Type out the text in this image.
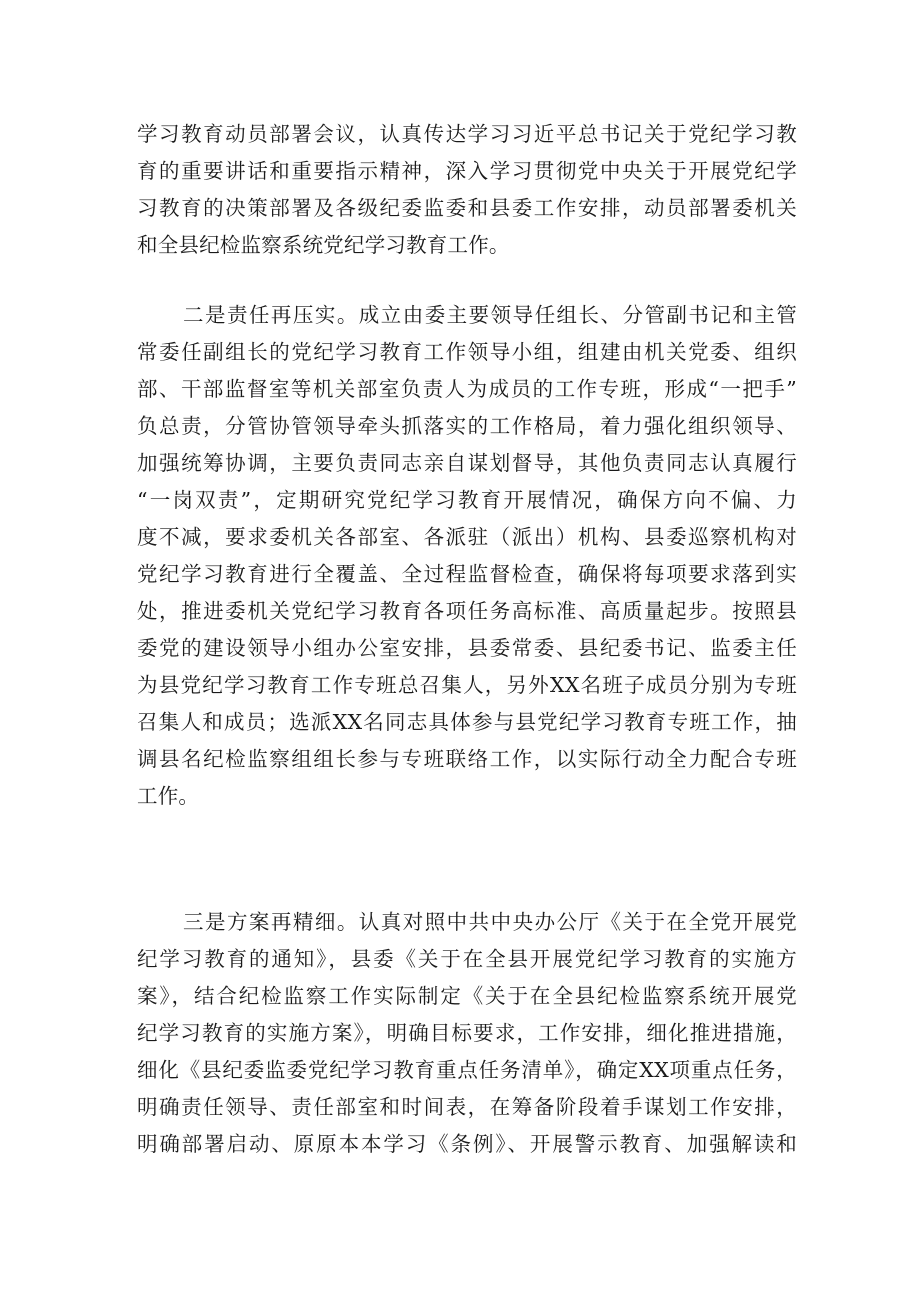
学习教育动员部署会议，认真传达学习习近平总书记关于党纪学习教
育的重要讲话和重要指示精神，深入学习贯彻党中央关于开展党纪学
习教育的决策部署及各级纪委监委和县委工作安排，动员部署委机关
和全县纪检监察系统党纪学习教育工作。
二是责任再压实。成立由委主要领导任组长、分管副书记和主管
常委任副组长的党纪学习教育工作领导小组，组建由机关党委、组织
部、干部监督室等机关部室负责人为成员的工作专班，形成“一把手”
负总责，分管协管领导牵头抓落实的工作格局，着力强化组织领导、
加强统筹协调，主要负责同志亲自谋划督导，其他负责同志认真履行
“一岗双责”，定期研究党纪学习教育开展情况，确保方向不偏、力
度不减，要求委机关各部室、各派驻（派出）机构、县委巡察机构对
党纪学习教育进行全覆盖、全过程监督检查，确保将每项要求落到实
处，推进委机关党纪学习教育各项任务高标准、高质量起步。按照县
委党的建设领导小组办公室安排，县委常委、县纪委书记、监委主任
为县党纪学习教育工作专班总召集人，另外XX名班子成员分别为专班
召集人和成员；选派XX名同志具体参与县党纪学习教育专班工作，抽
调县名纪检监察组组长参与专班联络工作，以实际行动全力配合专班
工作。
三是方案再精细。认真对照中共中央办公厅《关于在全党开展党
纪学习教育的通知》，县委《关于在全县开展党纪学习教育的实施方
案》，结合纪检监察工作实际制定《关于在全县纪检监察系统开展党
纪学习教育的实施方案》，明确目标要求，工作安排，细化推进措施，
细化《县纪委监委党纪学习教育重点任务清单》，确定XX项重点任务，
明确责任领导、责任部室和时间表，在筹备阶段着手谋划工作安排，
明确部署启动、原原本本学习《条例》、开展警示教育、加强解读和
